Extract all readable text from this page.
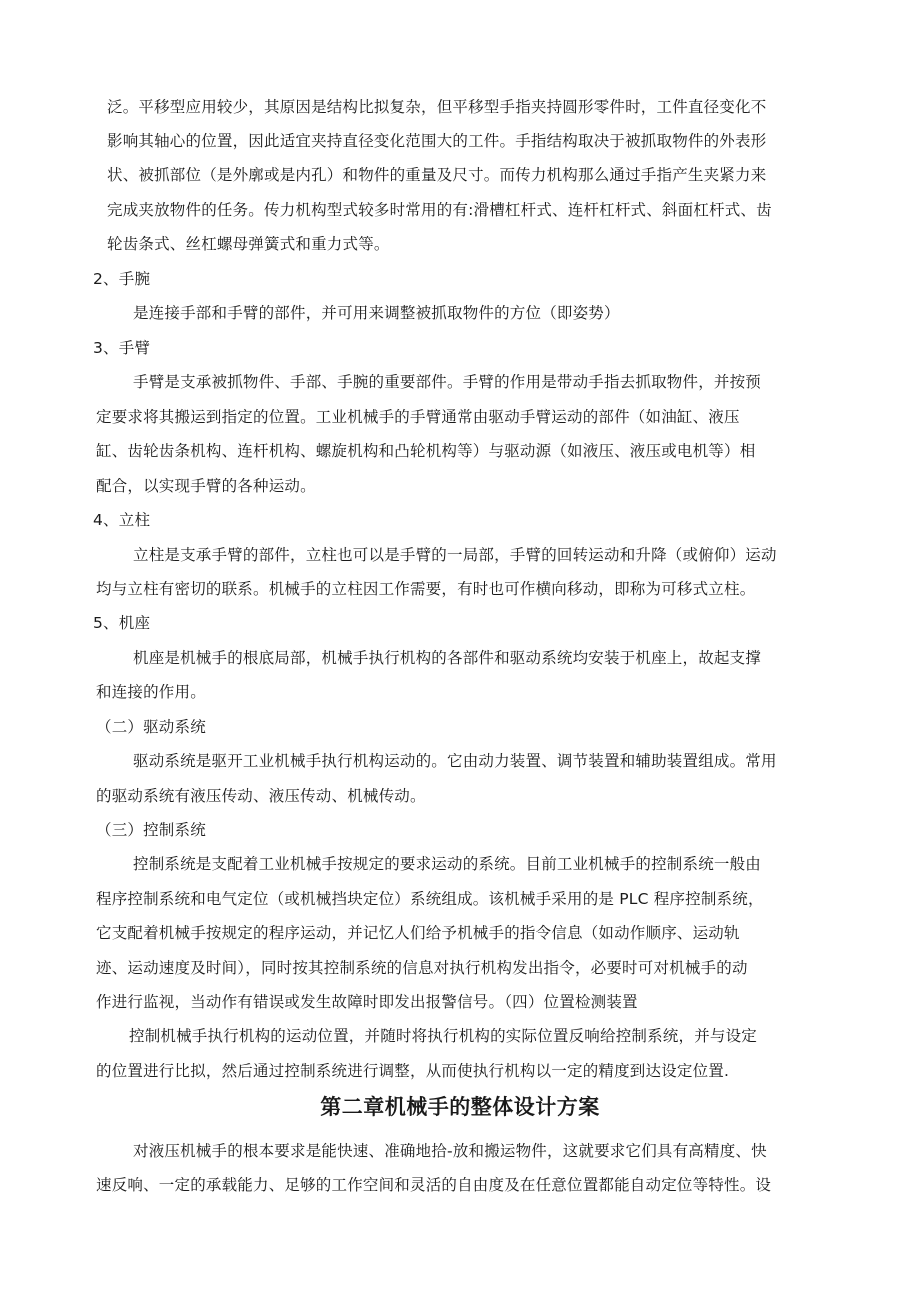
泛。平移型应用较少，其原因是结构比拟复杂，但平移型手指夹持圆形零件时，工件直径变化不
影响其轴心的位置，因此适宜夹持直径变化范围大的工件。手指结构取决于被抓取物件的外表形
状、被抓部位（是外廓或是内孔）和物件的重量及尺寸。而传力机构那么通过手指产生夹紧力来
完成夹放物件的任务。传力机构型式较多时常用的有:滑槽杠杆式、连杆杠杆式、斜面杠杆式、齿
轮齿条式、丝杠螺母弹簧式和重力式等。
2、手腕
是连接手部和手臂的部件，并可用来调整被抓取物件的方位（即姿势）
3、手臂
手臂是支承被抓物件、手部、手腕的重要部件。手臂的作用是带动手指去抓取物件，并按预
定要求将其搬运到指定的位置。工业机械手的手臂通常由驱动手臂运动的部件（如油缸、液压
缸、齿轮齿条机构、连杆机构、螺旋机构和凸轮机构等）与驱动源（如液压、液压或电机等）相
配合，以实现手臂的各种运动。
4、立柱
立柱是支承手臂的部件，立柱也可以是手臂的一局部，手臂的回转运动和升降（或俯仰）运动
均与立柱有密切的联系。机械手的立柱因工作需要，有时也可作横向移动，即称为可移式立柱。
5、机座
机座是机械手的根底局部，机械手执行机构的各部件和驱动系统均安装于机座上，故起支撑
和连接的作用。
（二）驱动系统
驱动系统是驱开工业机械手执行机构运动的。它由动力装置、调节装置和辅助装置组成。常用
的驱动系统有液压传动、液压传动、机械传动。
（三）控制系统
控制系统是支配着工业机械手按规定的要求运动的系统。目前工业机械手的控制系统一般由
程序控制系统和电气定位（或机械挡块定位）系统组成。该机械手采用的是 PLC 程序控制系统，
它支配着机械手按规定的程序运动，并记忆人们给予机械手的指令信息（如动作顺序、运动轨
迹、运动速度及时间），同时按其控制系统的信息对执行机构发出指令，必要时可对机械手的动
作进行监视，当动作有错误或发生故障时即发出报警信号。（四）位置检测装置
控制机械手执行机构的运动位置，并随时将执行机构的实际位置反响给控制系统，并与设定
的位置进行比拟，然后通过控制系统进行调整，从而使执行机构以一定的精度到达设定位置.
第二章机械手的整体设计方案
对液压机械手的根本要求是能快速、准确地拾-放和搬运物件，这就要求它们具有高精度、快
速反响、一定的承载能力、足够的工作空间和灵活的自由度及在任意位置都能自动定位等特性。设
